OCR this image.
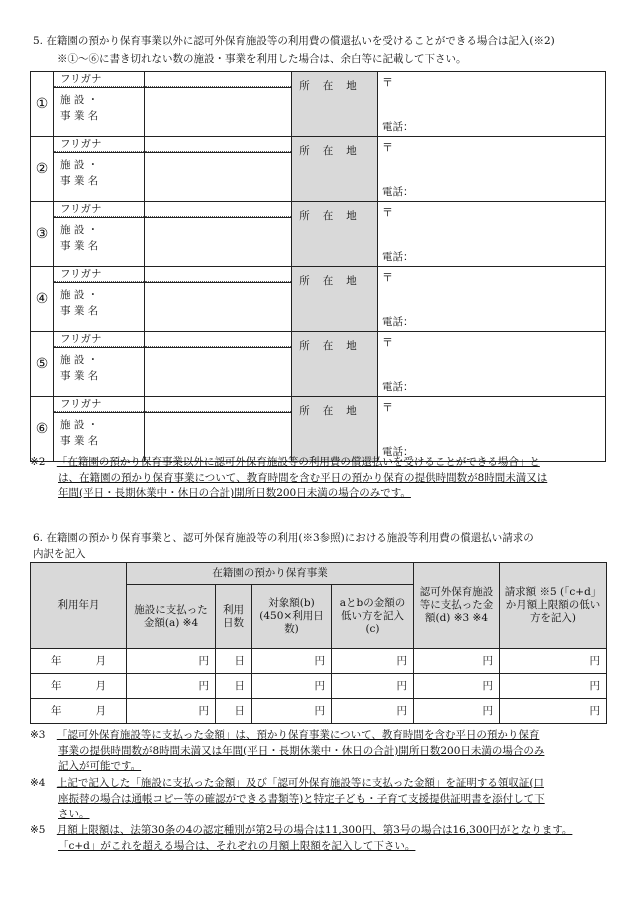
5. 在籍園の預かり保育事業以外に認可外保育施設等の利用費の償還払いを受けることができる場合は記入(※2)
※①～⑥に書き切れない数の施設・事業を利用した場合は、余白等に記載して下さい。
①	フリガナ		所在地	〒
電話：

	施 設 ・
事 業 名			

②	フリガナ		所在地	〒
電話：

	施 設 ・
事 業 名			

③	フリガナ		所在地	〒
電話：

	施 設 ・
事 業 名			

④	フリガナ		所在地	〒
電話：

	施 設 ・
事 業 名			

⑤	フリガナ		所在地	〒
電話：

	施 設 ・
事 業 名			

⑥	フリガナ		所在地	〒
電話：

	施 設 ・
事 業 名			

※2 「在籍園の預かり保育事業以外に認可外保育施設等の利用費の償還払いを受けることができる場合」と
は、在籍園の預かり保育事業について、教育時間を含む平日の預かり保育の提供時間数が8時間未満又は
年間(平日・長期休業中・休日の合計)開所日数200日未満の場合のみです。
6. 在籍園の預かり保育事業と、認可外保育施設等の利用(※3参照)における施設等利用費の償還払い請求の
内訳を記入
利用年月	在籍園の預かり保育事業				認可外保育施設等に支払った金額(d) ※3 ※4	請求額 ※5 (「c+d」か月額上限額の低い方を記入)
	施設に支払った金額(a) ※4	利用日数	対象額(b)(450×利用日数)	aとbの金額の低い方を記入(c)		
年 月	円	日	円	円	円	円
年 月	円	日	円	円	円	円
年 月	円	日	円	円	円	円
※3 「認可外保育施設等に支払った金額」は、預かり保育事業について、教育時間を含む平日の預かり保育
事業の提供時間数が8時間未満又は年間(平日・長期休業中・休日の合計)開所日数200日未満の場合のみ
記入が可能です。
※4 上記で記入した「施設に支払った金額」及び「認可外保育施設等に支払った金額」を証明する領収証(口
座振替の場合は通帳コピー等の確認ができる書類等)と特定子ども・子育て支援提供証明書を添付して下
さい。
※5 月額上限額は、法第30条の4の認定種別が第2号の場合は11,300円、第3号の場合は16,300円がとなります。
「c+d」がこれを超える場合は、それぞれの月額上限額を記入して下さい。
